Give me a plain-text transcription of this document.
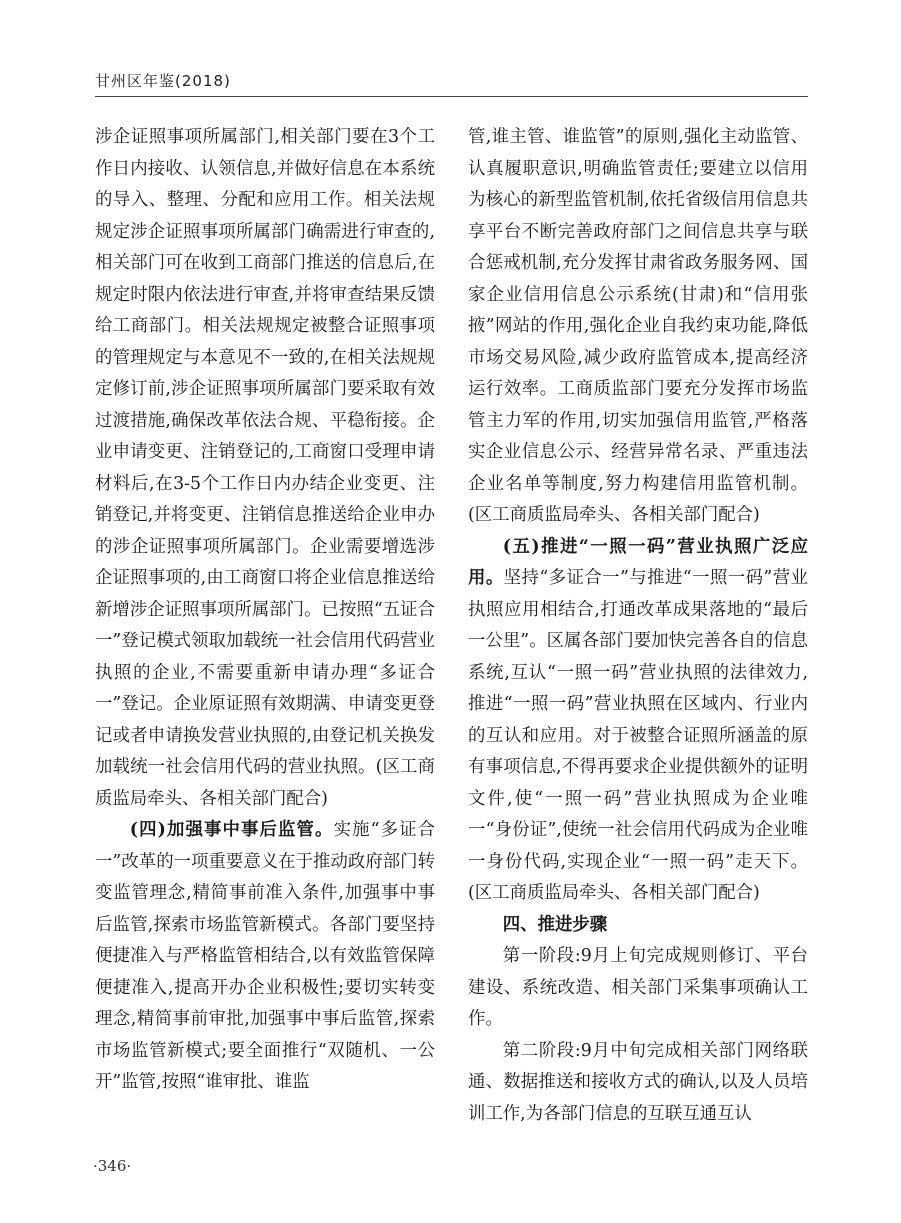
甘州区年鉴(2018)

涉企证照事项所属部门,相关部门要在3个工作日内接收、认领信息,并做好信息在本系统的导入、整理、分配和应用工作。相关法规规定涉企证照事项所属部门确需进行审查的,相关部门可在收到工商部门推送的信息后,在规定时限内依法进行审查,并将审查结果反馈给工商部门。相关法规规定被整合证照事项的管理规定与本意见不一致的,在相关法规规定修订前,涉企证照事项所属部门要采取有效过渡措施,确保改革依法合规、平稳衔接。企业申请变更、注销登记的,工商窗口受理申请材料后,在3-5个工作日内办结企业变更、注销登记,并将变更、注销信息推送给企业申办的涉企证照事项所属部门。企业需要增选涉企证照事项的,由工商窗口将企业信息推送给新增涉企证照事项所属部门。已按照“五证合一”登记模式领取加载统一社会信用代码营业执照的企业,不需要重新申请办理“多证合一”登记。企业原证照有效期满、申请变更登记或者申请换发营业执照的,由登记机关换发加载统一社会信用代码的营业执照。(区工商质监局牵头、各相关部门配合)

(四)加强事中事后监管。实施“多证合一”改革的一项重要意义在于推动政府部门转变监管理念,精简事前准入条件,加强事中事后监管,探索市场监管新模式。各部门要坚持便捷准入与严格监管相结合,以有效监管保障便捷准入,提高开办企业积极性;要切实转变理念,精简事前审批,加强事中事后监管,探索市场监管新模式;要全面推行“双随机、一公开”监管,按照“谁审批、谁监

管,谁主管、谁监管”的原则,强化主动监管、认真履职意识,明确监管责任;要建立以信用为核心的新型监管机制,依托省级信用信息共享平台不断完善政府部门之间信息共享与联合惩戒机制,充分发挥甘肃省政务服务网、国家企业信用信息公示系统(甘肃)和“信用张掖”网站的作用,强化企业自我约束功能,降低市场交易风险,减少政府监管成本,提高经济运行效率。工商质监部门要充分发挥市场监管主力军的作用,切实加强信用监管,严格落实企业信息公示、经营异常名录、严重违法企业名单等制度,努力构建信用监管机制。(区工商质监局牵头、各相关部门配合)

(五)推进“一照一码”营业执照广泛应用。坚持“多证合一”与推进“一照一码”营业执照应用相结合,打通改革成果落地的“最后一公里”。区属各部门要加快完善各自的信息系统,互认“一照一码”营业执照的法律效力,推进“一照一码”营业执照在区域内、行业内的互认和应用。对于被整合证照所涵盖的原有事项信息,不得再要求企业提供额外的证明文件,使“一照一码”营业执照成为企业唯一“身份证”,使统一社会信用代码成为企业唯一身份代码,实现企业“一照一码”走天下。(区工商质监局牵头、各相关部门配合)

四、推进步骤

第一阶段:9月上旬完成规则修订、平台建设、系统改造、相关部门采集事项确认工作。

第二阶段:9月中旬完成相关部门网络联通、数据推送和接收方式的确认,以及人员培训工作,为各部门信息的互联互通互认

·346·
